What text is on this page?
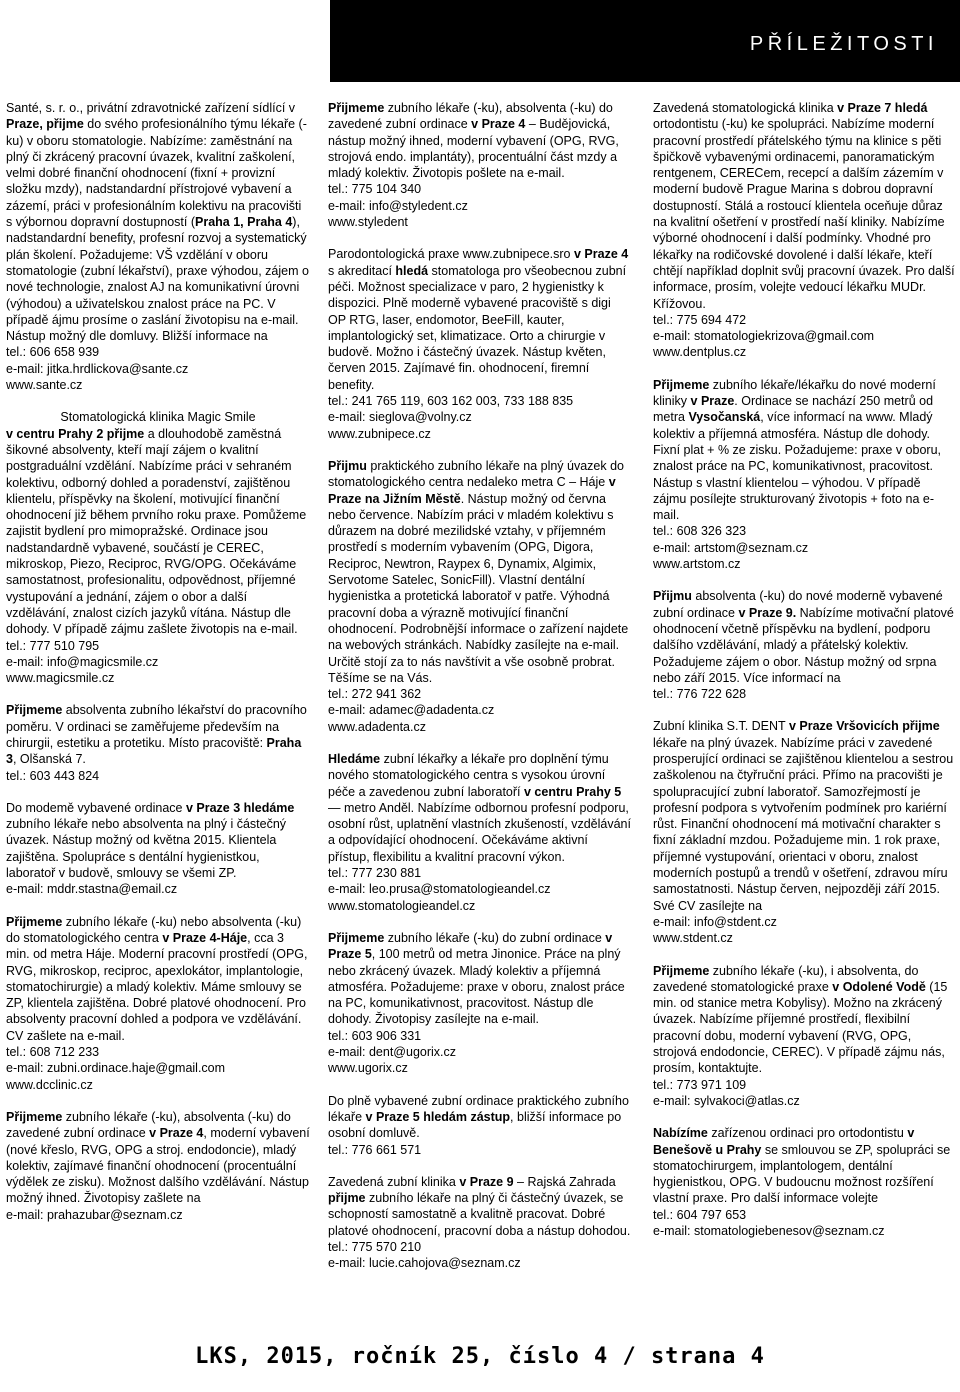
PŘÍLEŽITOSTI
Santé, s. r. o., privátní zdravotnické zařízení sídlící v Praze, přijme do svého profesionálního týmu lékaře (-ku) v oboru stomatologie. Nabízíme: zaměstnání na plný či zkrácený pracovní úvazek, kvalitní zaškolení, velmi dobré finanční ohodnocení (fixní + provizní složku mzdy), nadstandardní přístrojové vybavení a zázemí, práci v profesionálním kolektivu na pracovišti s výbornou dopravní dostupností (Praha 1, Praha 4), nadstandardní benefity, profesní rozvoj a systematický plán školení. Požadujeme: VŠ vzdělání v oboru stomatologie (zubní lékařství), praxe výhodou, zájem o nové technologie, znalost AJ na komunikativní úrovni (výhodou) a uživatelskou znalost práce na PC. V případě ájmu prosíme o zaslání životopisu na e-mail. Nástup možný dle domluvy. Bližší informace na
tel.: 606 658 939
e-mail: jitka.hrdlickova@sante.cz
www.sante.cz
Stomatologická klinika Magic Smile
v centru Prahy 2 přijme a dlouhodobě zaměstná šikovné absolventy, kteří mají zájem o kvalitní postgraduální vzdělání. Nabízíme práci v sehraném kolektivu, odborný dohled a poradenství, zajištěnou klientelu, příspěvky na školení, motivující finanční ohodnocení již během prvního roku praxe. Pomůžeme zajistit bydlení pro mimopražské. Ordinace jsou nadstandardně vybavené, součástí je CEREC, mikroskop, Piezo, Reciproc, RVG/OPG. Očekáváme samostatnost, profesionalitu, odpovědnost, příjemné vystupování a jednání, zájem o obor a další vzdělávání, znalost cizích jazyků vítána. Nástup dle dohody. V případě zájmu zašlete životopis na e-mail.
tel.: 777 510 795
e-mail: info@magicsmile.cz
www.magicsmile.cz
Přijmeme absolventa zubního lékařství do pracovního poměru. V ordinaci se zaměřujeme především na chirurgii, estetiku a protetiku. Místo pracoviště: Praha 3, Olšanská 7.
tel.: 603 443 824
Do modemě vybavené ordinace v Praze 3 hledáme zubního lékaře nebo absolventa na plný i částečný úvazek. Nástup možný od května 2015. Klientela zajištěna. Spolupráce s dentální hygienistkou, laboratoř v budově, smlouvy se všemi ZP.
e-mail: mddr.stastna@email.cz
Přijmeme zubního lékaře (-ku) nebo absolventa (-ku) do stomatologického centra v Praze 4-Háje, cca 3 min. od metra Háje. Moderní pracovní prostředí (OPG, RVG, mikroskop, reciproc, apexlokátor, implantologie, stomatochirurgie) a mladý kolektiv. Máme smlouvy se ZP, klientela zajištěna. Dobré platové ohodnocení. Pro absolventy pracovní dohled a podpora ve vzdělávání. CV zašlete na e-mail.
tel.: 608 712 233
e-mail: zubni.ordinace.haje@gmail.com
www.dcclinic.cz
Přijmeme zubního lékaře (-ku), absolventa (-ku) do zavedené zubní ordinace v Praze 4, moderní vybavení (nové křeslo, RVG, OPG a stroj. endodoncie), mladý kolektiv, zajímavé finanční ohodnocení (procentuální výdělek ze zisku). Možnost dalšího vzdělávání. Nástup možný ihned. Životopisy zašlete na
e-mail: prahazubar@seznam.cz
Přijmeme zubního lékaře (-ku), absolventa (-ku) do zavedené zubní ordinace v Praze 4 – Budějovická, nástup možný ihned, moderní vybavení (OPG, RVG, strojová endo. implantáty), procentuální část mzdy a mladý kolektiv. Životopis pošlete na e-mail.
tel.: 775 104 340
e-mail: info@styledent.cz
www.styledent
Parodontologická praxe www.zubnipece.sro v Praze 4 s akreditací hledá stomatologa pro všeobecnou zubní péči. Možnost specializace v paro, 2 hygienistky k dispozici. Plně moderně vybavené pracoviště s digi OP RTG, laser, endomotor, BeeFill, kauter, implantologický set, klimatizace. Orto a chirurgie v budově. Možno i částečný úvazek. Nástup květen, červen 2015. Zajímavé fin. ohodnocení, firemní benefity.
tel.: 241 765 119, 603 162 003, 733 188 835
e-mail: sieglova@volny.cz
www.zubnipece.cz
Přijmu praktického zubního lékaře na plný úvazek do stomatologického centra nedaleko metra C – Háje v Praze na Jižním Městě. Nástup možný od června nebo července. Nabízím práci v mladém kolektivu s důrazem na dobré mezilidské vztahy, v příjemném prostředí s moderním vybavením (OPG, Digora, Reciproc, Newtron, Raypex 6, Dynamix, Algimix, Servotome Satelec, SonicFill). Vlastní dentální hygienistka a protetická laboratoř v patře. Výhodná pracovní doba a výrazně motivující finanční ohodnocení. Podrobnější informace o zařízení najdete na webových stránkách. Nabídky zasílejte na e-mail. Určitě stojí za to nás navštívit a vše osobně probrat. Těšíme se na Vás.
tel.: 272 941 362
e-mail: adamec@adadenta.cz
www.adadenta.cz
Hledáme zubní lékařky a lékaře pro doplnění týmu nového stomatologického centra s vysokou úrovní péče a zavedenou zubní laboratoří v centru Prahy 5 — metro Anděl. Nabízíme odbornou profesní podporu, osobní růst, uplatnění vlastních zkušeností, vzdělávání a odpovídající ohodnocení. Očekáváme aktivní přístup, flexibilitu a kvalitní pracovní výkon.
tel.: 777 230 881
e-mail: leo.prusa@stomatologieandel.cz
www.stomatologieandel.cz
Přijmeme zubního lékaře (-ku) do zubní ordinace v Praze 5, 100 metrů od metra Jinonice. Práce na plný nebo zkrácený úvazek. Mladý kolektiv a příjemná atmosféra. Požadujeme: praxe v oboru, znalost práce na PC, komunikativnost, pracovitost. Nástup dle dohody. Životopisy zasílejte na e-mail.
tel.: 603 906 331
e-mail: dent@ugorix.cz
www.ugorix.cz
Do plně vybavené zubní ordinace praktického zubního lékaře v Praze 5 hledám zástup, bližší informace po osobní domluvě.
tel.: 776 661 571
Zavedená zubní klinika v Praze 9 – Rajská Zahrada přijme zubního lékaře na plný či částečný úvazek, se schopností samostatně a kvalitně pracovat. Dobré platové ohodnocení, pracovní doba a nástup dohodou.
tel.: 775 570 210
e-mail: lucie.cahojova@seznam.cz
Zavedená stomatologická klinika v Praze 7 hledá ortodontistu (-ku) ke spolupráci. Nabízíme moderní pracovní prostředí přátelského týmu na klinice s pěti špičkově vybavenými ordinacemi, panoramatickým rentgenem, CERECem, recepcí a dalším zázemím v moderní budově Prague Marina s dobrou dopravní dostupností. Stálá a rostoucí klientela oceňuje důraz na kvalitní ošetření v prostředí naší kliniky. Nabízíme výborné ohodnocení i další podmínky. Vhodné pro lékařky na rodičovské dovolené i další lékaře, kteří chtějí například doplnit svůj pracovní úvazek. Pro další informace, prosím, volejte vedoucí lékařku MUDr. Křížovou.
tel.: 775 694 472
e-mail: stomatologiekrizova@gmail.com
www.dentplus.cz
Přijmeme zubního lékaře/lékařku do nové moderní kliniky v Praze. Ordinace se nachází 250 metrů od metra Vysočanská, více informací na www. Mladý kolektiv a příjemná atmosféra. Nástup dle dohody. Fixní plat + % ze zisku. Požadujeme: praxe v oboru, znalost práce na PC, komunikativnost, pracovitost. Nástup s vlastní klientelou – výhodou. V případě zájmu posílejte strukturovaný životopis + foto na e-mail.
tel.: 608 326 323
e-mail: artstom@seznam.cz
www.artstom.cz
Přijmu absolventa (-ku) do nové moderně vybavené zubní ordinace v Praze 9. Nabízíme motivační platové ohodnocení včetně příspěvku na bydlení, podporu dalšího vzdělávání, mladý a přátelský kolektiv. Požadujeme zájem o obor. Nástup možný od srpna nebo září 2015. Více informací na
tel.: 776 722 628
Zubní klinika S.T. DENT v Praze Vršovicích přijme lékaře na plný úvazek. Nabízíme práci v zavedené prosperující ordinaci se zajištěnou klientelou a sestrou zaškolenou na čtyřruční práci. Přímo na pracovišti je spolupracující zubní laboratoř. Samozřejmostí je profesní podpora s vytvořením podmínek pro kariérní růst. Finanční ohodnocení má motivační charakter s fixní základní mzdou. Požadujeme min. 1 rok praxe, příjemné vystupování, orientaci v oboru, znalost moderních postupů a trendů v ošetření, zdravou míru samostatnosti. Nástup červen, nejpozději září 2015. Své CV zasílejte na
e-mail: info@stdent.cz
www.stdent.cz
Přijmeme zubního lékaře (-ku), i absolventa, do zavedené stomatologické praxe v Odolené Vodě (15 min. od stanice metra Kobylisy). Možno na zkrácený úvazek. Nabízíme příjemné prostředí, flexibilní pracovní dobu, moderní vybavení (RVG, OPG, strojová endodoncie, CEREC). V případě zájmu nás, prosím, kontaktujte.
tel.: 773 971 109
e-mail: sylvakoci@atlas.cz
Nabízíme zařízenou ordinaci pro ortodontistu v Benešově u Prahy se smlouvou se ZP, spolupráci se stomatochirurgem, implantologem, dentální hygienistkou, OPG. V budoucnu možnost rozšíření vlastní praxe. Pro další informace volejte
tel.: 604 797 653
e-mail: stomatologiebenesov@seznam.cz
LKS, 2015, ročník 25, číslo 4 / strana 4
